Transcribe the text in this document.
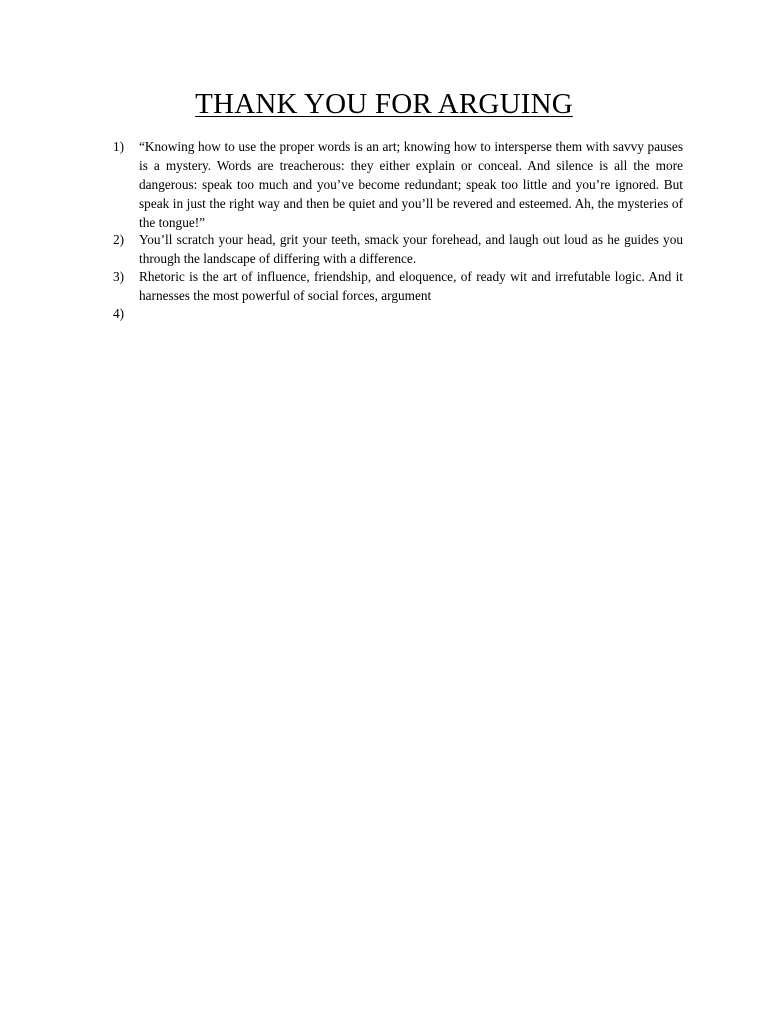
THANK YOU FOR ARGUING
1)	“Knowing how to use the proper words is an art; knowing how to intersperse them with savvy pauses is a mystery. Words are treacherous: they either explain or conceal. And silence is all the more dangerous: speak too much and you’ve become redundant; speak too little and you’re ignored. But speak in just the right way and then be quiet and you’ll be revered and esteemed. Ah, the mysteries of the tongue!”
2)	You’ll scratch your head, grit your teeth, smack your forehead, and laugh out loud as he guides you through the landscape of differing with a difference.
3)	Rhetoric is the art of influence, friendship, and eloquence, of ready wit and irrefutable logic. And it harnesses the most powerful of social forces, argument
4)
